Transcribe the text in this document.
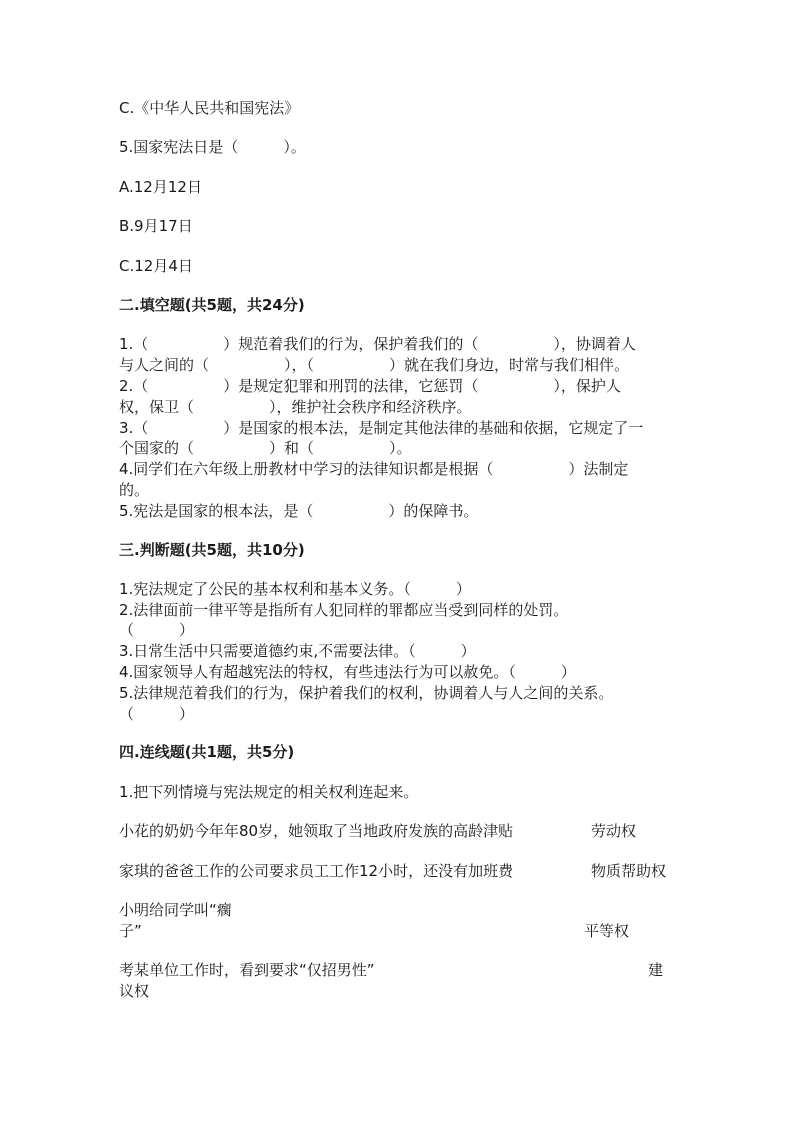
C.《中华人民共和国宪法》
5.国家宪法日是（　　　）。
A.12月12日
B.9月17日
C.12月4日
二.填空题(共5题，共24分)
1.（　　　　　）规范着我们的行为，保护着我们的（　　　　　），协调着人
与人之间的（　　　　　），（　　　　　）就在我们身边，时常与我们相伴。
2.（　　　　　）是规定犯罪和刑罚的法律，它惩罚（　　　　　），保护人
权，保卫（　　　　　），维护社会秩序和经济秩序。
3.（　　　　　）是国家的根本法，是制定其他法律的基础和依据，它规定了一
个国家的（　　　　　）和（　　　　　）。
4.同学们在六年级上册教材中学习的法律知识都是根据（　　　　　）法制定
的。
5.宪法是国家的根本法，是（　　　　　）的保障书。
三.判断题(共5题，共10分)
1.宪法规定了公民的基本权利和基本义务。（　　　）
2.法律面前一律平等是指所有人犯同样的罪都应当受到同样的处罚。
（　　　）
3.日常生活中只需要道德约束,不需要法律。（　　　）
4.国家领导人有超越宪法的特权，有些违法行为可以赦免。（　　　）
5.法律规范着我们的行为，保护着我们的权利，协调着人与人之间的关系。
（　　　）
四.连线题(共1题，共5分)
1.把下列情境与宪法规定的相关权利连起来。
小花的奶奶今年年80岁，她领取了当地政府发族的高龄津贴	劳动权
家琪的爸爸工作的公司要求员工工作12小时，还没有加班费	物质帮助权
小明给同学叫“瘸
子”	平等权
考某单位工作时，看到要求“仅招男性”	建
议权
